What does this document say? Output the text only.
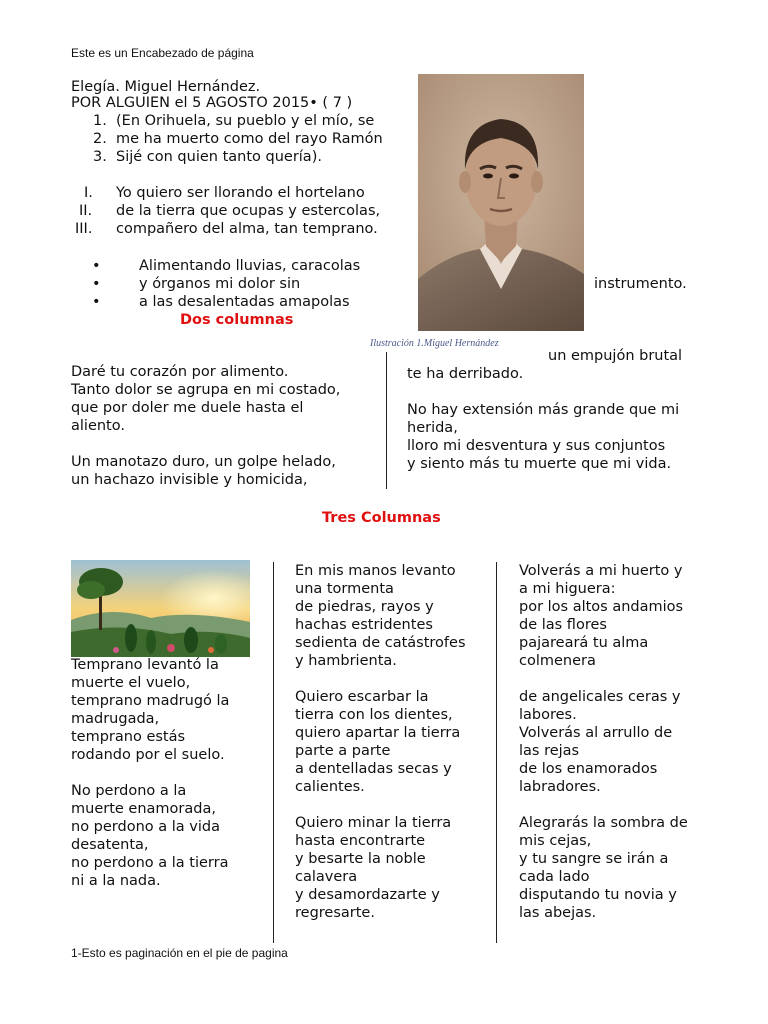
Este es un Encabezado de página
Elegía. Miguel Hernández.
POR ALGUIEN el 5 AGOSTO 2015• ( 7 )
1. (En Orihuela, su pueblo y el mío, se
2. me ha muerto como del rayo Ramón
3. Sijé con quien tanto quería).
I. Yo quiero ser llorando el hortelano
II. de la tierra que ocupas y estercolas,
III. compañero del alma, tan temprano.
•	Alimentando lluvias, caracolas
•	y órganos mi dolor sin
•	a las desalentadas amapolas
instrumento.
Ilustración 1.Miguel Hernández
Dos columnas

Daré tu corazón por alimento.

Tanto dolor se agrupa en mi costado,

que por doler me duele hasta el

aliento.

Un manotazo duro, un golpe helado,

un hachazo invisible y homicida,

un empujón brutal

te ha derribado.

No hay extensión más grande que mi

herida,

lloro mi desventura y sus conjuntos

y siento más tu muerte que mi vida.

Tres Columnas

Temprano levantó la

muerte el vuelo,

temprano madrugó la

madrugada,

temprano estás

rodando por el suelo.

No perdono a la

muerte enamorada,

no perdono a la vida

desatenta,

no perdono a la tierra

ni a la nada.

En mis manos levanto

una tormenta

de piedras, rayos y

hachas estridentes

sedienta de catástrofes

y hambrienta.

Quiero escarbar la

tierra con los dientes,

quiero apartar la tierra

parte a parte

a dentelladas secas y

calientes.

Quiero minar la tierra

hasta encontrarte

y besarte la noble

calavera

y desamordazarte y

regresarte.

Volverás a mi huerto y

a mi higuera:

por los altos andamios

de las flores

pajareará tu alma

colmenera

de angelicales ceras y

labores.

Volverás al arrullo de

las rejas

de los enamorados

labradores.

Alegrarás la sombra de

mis cejas,

y tu sangre se irán a

cada lado

disputando tu novia y

las abejas.

1-Esto es paginación en el pie de pagina
